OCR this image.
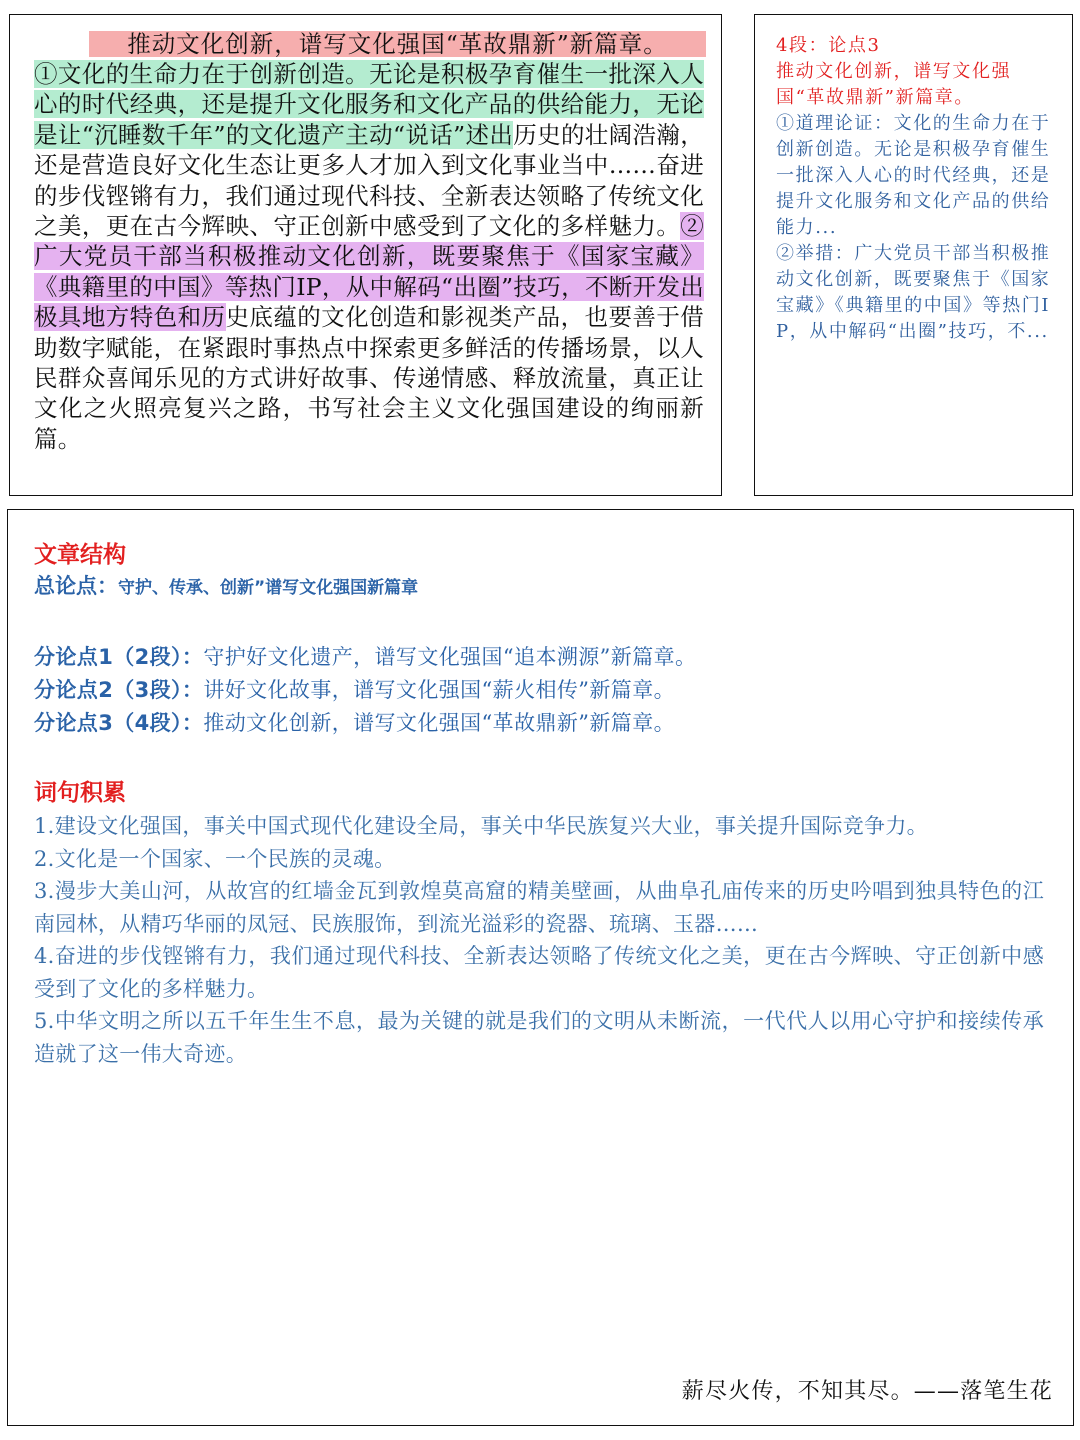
推动文化创新，谱写文化强国“革故鼎新”新篇章。

①文化的生命力在于创新创造。无论是积极孕育催生一批深入人心的时代经典，还是提升文化服务和文化产品的供给能力，无论是让“沉睡数千年”的文化遗产主动“说话”述出历史的壮阔浩瀚，还是营造良好文化生态让更多人才加入到文化事业当中……奋进的步伐铿锵有力，我们通过现代科技、全新表达领略了传统文化之美，更在古今辉映、守正创新中感受到了文化的多样魅力。②广大党员干部当积极推动文化创新，既要聚焦于《国家宝藏》《典籍里的中国》等热门IP，从中解码“出圈”技巧，不断开发出极具地方特色和历史底蕴的文化创造和影视类产品，也要善于借助数字赋能，在紧跟时事热点中探索更多鲜活的传播场景，以人民群众喜闻乐见的方式讲好故事、传递情感、释放流量，真正让文化之火照亮复兴之路，书写社会主义文化强国建设的绚丽新篇。

4段：论点3

推动文化创新，谱写文化强国“革故鼎新”新篇章。

①道理论证：文化的生命力在于创新创造。无论是积极孕育催生一批深入人心的时代经典，还是提升文化服务和文化产品的供给能力...

②举措：广大党员干部当积极推动文化创新，既要聚焦于《国家宝藏》《典籍里的中国》等热门IP，从中解码“出圈”技巧，不...

文章结构

总论点：守护、传承、创新”谱写文化强国新篇章

分论点1（2段）：守护好文化遗产，谱写文化强国“追本溯源”新篇章。

分论点2（3段）：讲好文化故事，谱写文化强国“薪火相传”新篇章。

分论点3（4段）：推动文化创新，谱写文化强国“革故鼎新”新篇章。

词句积累

1.建设文化强国，事关中国式现代化建设全局，事关中华民族复兴大业，事关提升国际竞争力。

2.文化是一个国家、一个民族的灵魂。

3.漫步大美山河，从故宫的红墙金瓦到敦煌莫高窟的精美壁画，从曲阜孔庙传来的历史吟唱到独具特色的江南园林，从精巧华丽的凤冠、民族服饰，到流光溢彩的瓷器、琉璃、玉器……

4.奋进的步伐铿锵有力，我们通过现代科技、全新表达领略了传统文化之美，更在古今辉映、守正创新中感受到了文化的多样魅力。

5.中华文明之所以五千年生生不息，最为关键的就是我们的文明从未断流，一代代人以用心守护和接续传承造就了这一伟大奇迹。

薪尽火传，不知其尽。——落笔生花
